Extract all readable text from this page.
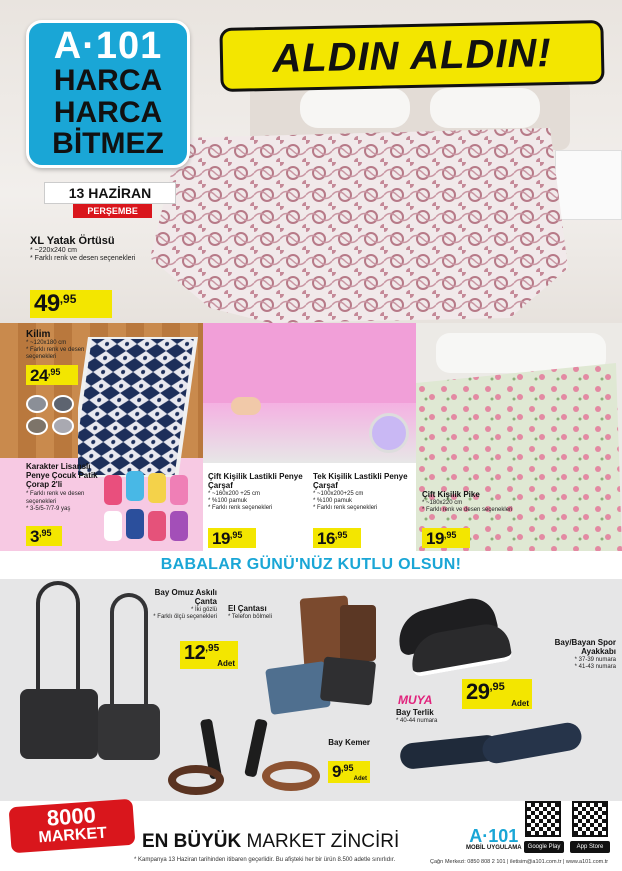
A·101
HARCA
HARCA
BİTMEZ
ALDIN ALDIN!
13 HAZİRAN
PERŞEMBE
XL Yatak Örtüsü
* ~220x240 cm
* Farklı renk ve desen seçenekleri
49 ,95
Kilim
* ~120x180 cm
* Farklı renk ve desen seçenekleri
24 ,95
Karakter Lisanslı Penye Çocuk Patik Çorap 2'li
* Farklı renk ve desen seçenekleri
* 3-5/5-7/7-9 yaş
3 ,95
Çift Kişilik Lastikli Penye Çarşaf
* ~160x200 +25 cm
* %100 pamuk
* Farklı renk seçenekleri
19 ,95
Tek Kişilik Lastikli Penye Çarşaf
* ~100x200+25 cm
* %100 pamuk
* Farklı renk seçenekleri
16 ,95
Çift Kişilik Pike
* ~180x220 cm
* Farklı renk ve desen seçenekleri
19 ,95
BABALAR GÜNÜ'NÜZ KUTLU OLSUN!
Bay Omuz Askılı Çanta
* İki gözlü
* Farklı ölçü seçenekleri
12 ,95
Adet
El Çantası
* Telefon bölmeli
Bay Kemer
9 ,95
Adet
Bay/Bayan Spor Ayakkabı
* 37-39 numara
* 41-43 numara
29 ,95
Adet
MUYA
Bay Terlik
* 40-44 numara
8000
MARKET	EN BÜYÜK MARKET ZİNCİRİ	A·101
MOBİL UYGULAMA	Google Play	App Store
* Kampanya 13 Haziran tarihinden itibaren geçerlidir. Bu afişteki her bir ürün 8.500 adetle sınırlıdır.	Çağrı Merkezi: 0850 808 2 101 | iletisim@a101.com.tr | www.a101.com.tr
